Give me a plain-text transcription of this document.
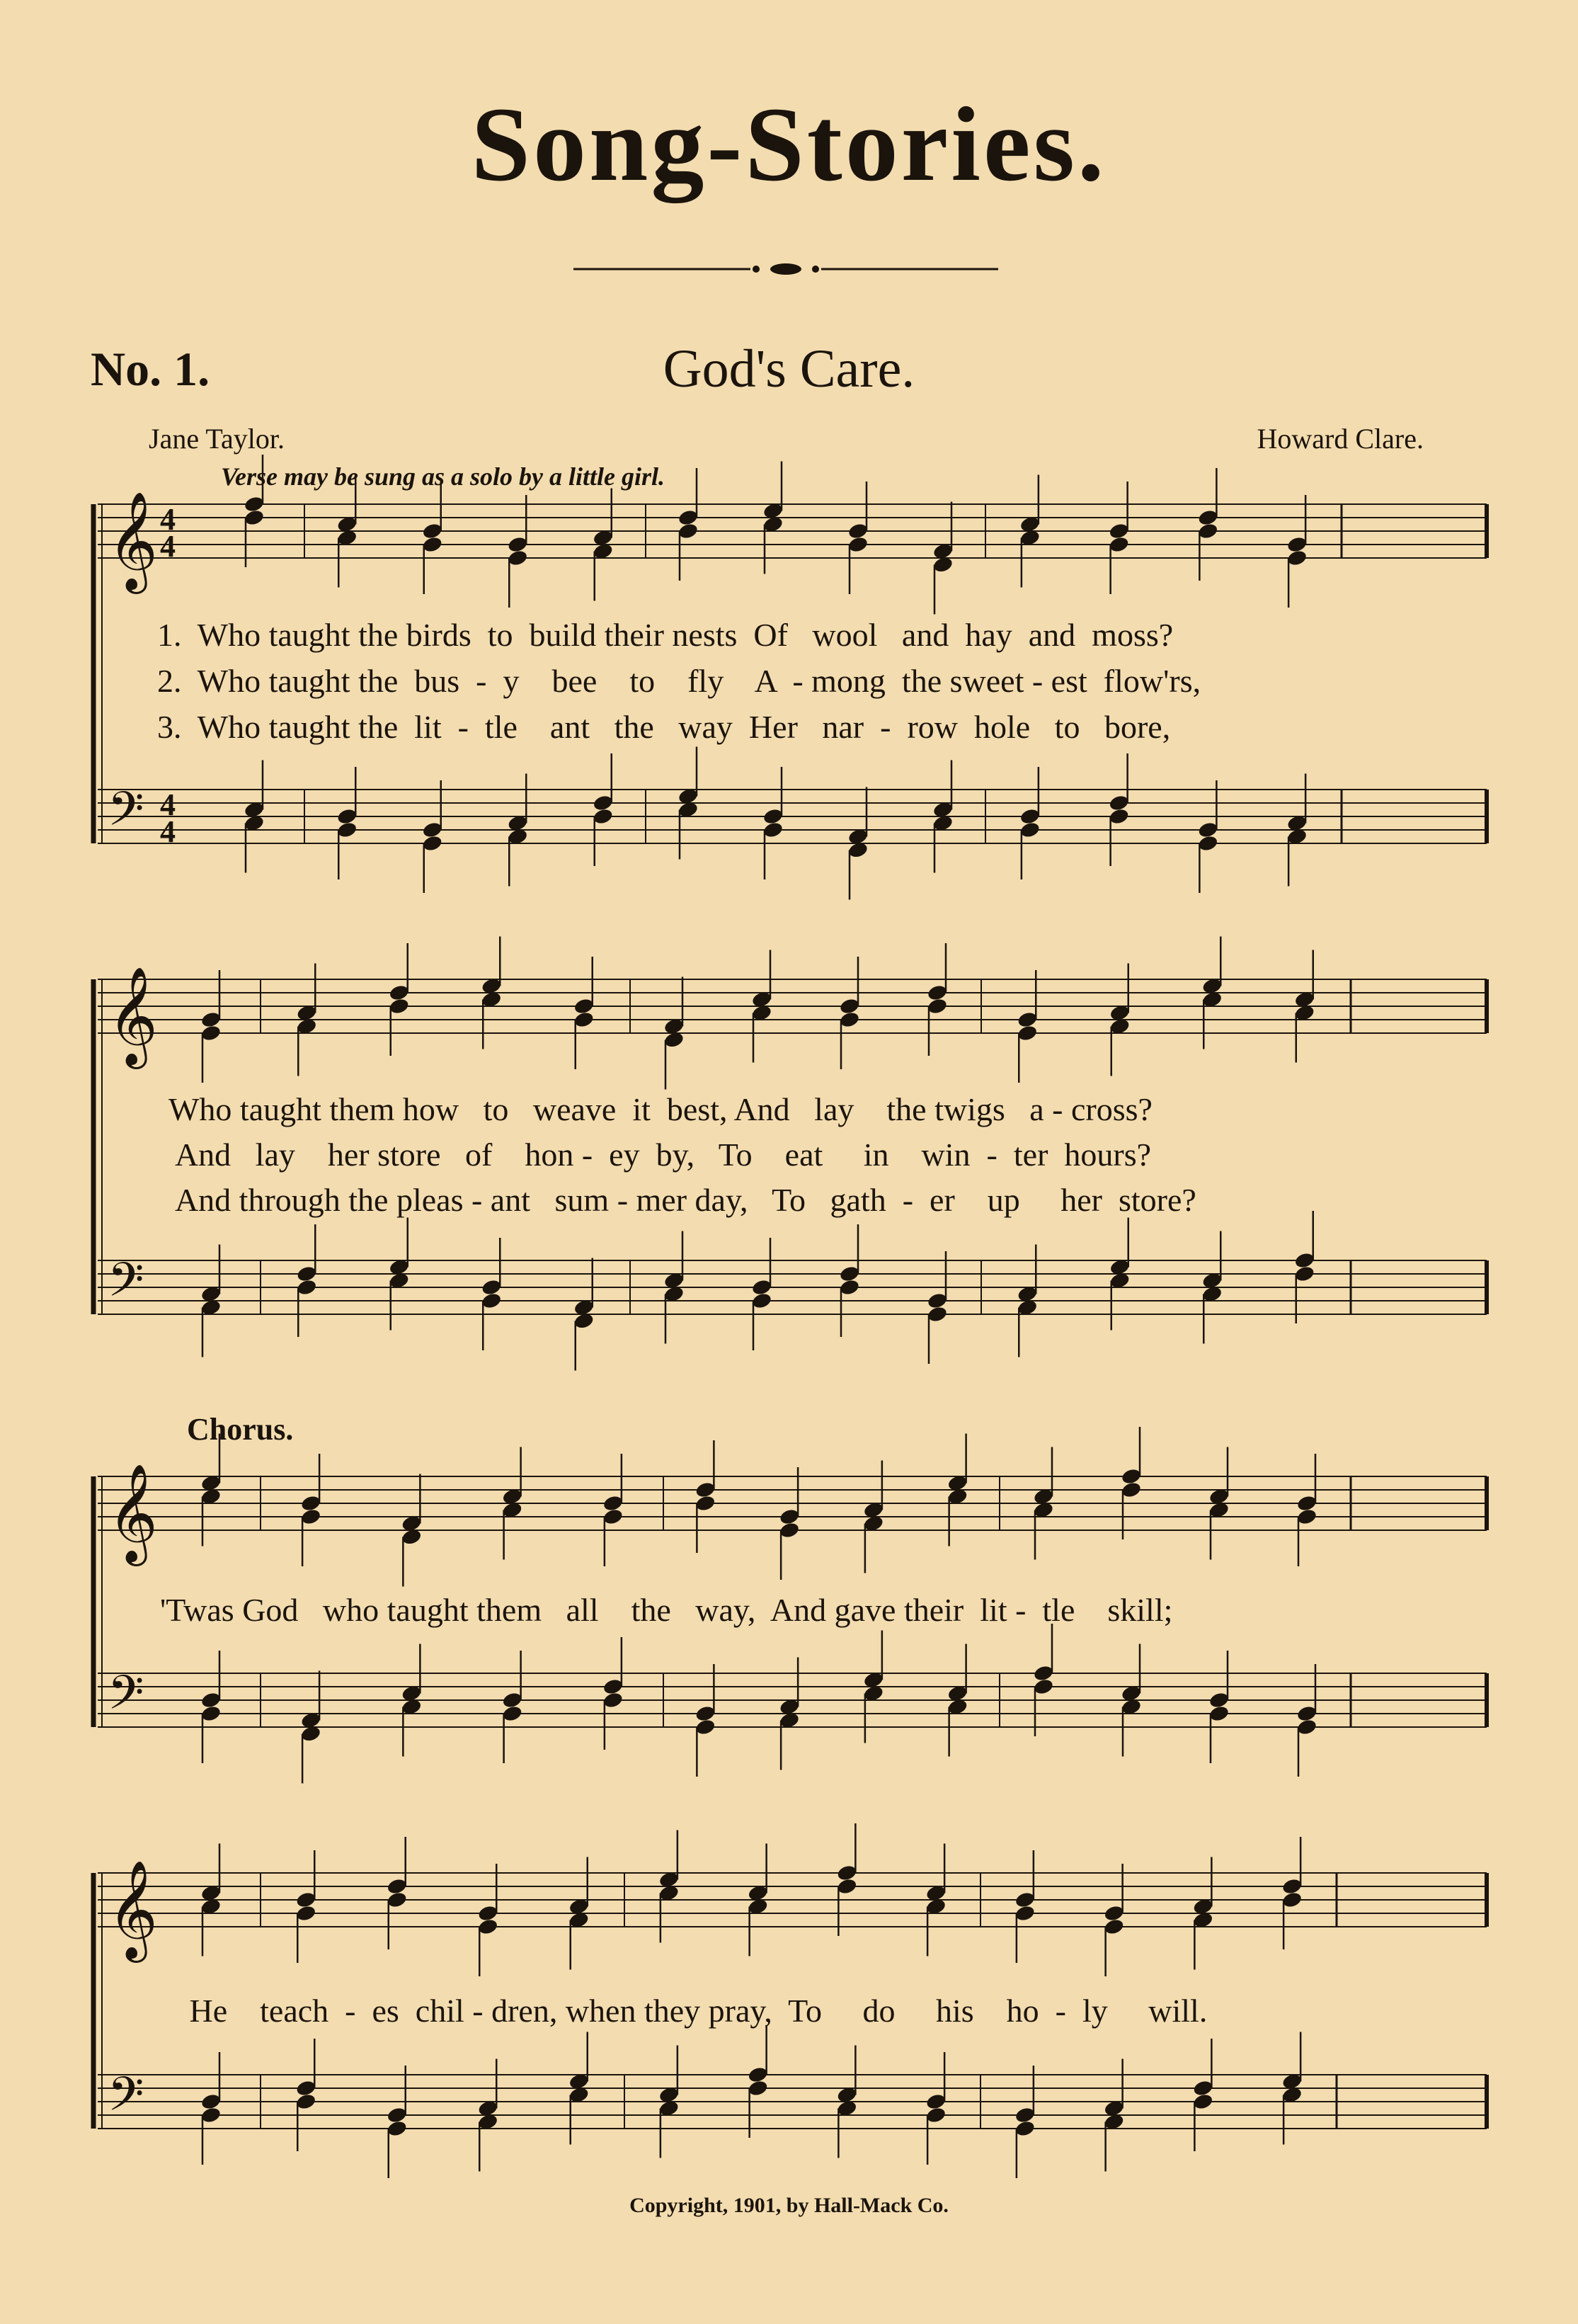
Song-Stories.
No. 1.	God's Care.
Jane Taylor.	Howard Clare.
Verse may be sung as a solo by a little girl.
Chorus.
𝄞 4
4
𝄢 4
4
𝄞
𝄢
𝄞
𝄢
𝄞
𝄢
1.  Who taught the birds  to  build their nests  Of   wool   and  hay  and  moss?
2.  Who taught the  bus  -  y    bee    to    fly    A  - mong  the sweet - est  flow'rs,
3.  Who taught the  lit  -  tle    ant   the   way  Her   nar  -  row  hole   to   bore,
Who taught them how   to   weave  it  best, And   lay    the twigs   a - cross?
And   lay    her store   of    hon -  ey  by,   To    eat     in    win  -  ter  hours?
And through the pleas - ant   sum - mer day,   To   gath  -  er    up     her  store?
'Twas God   who taught them   all    the   way,  And gave their  lit -  tle    skill;
He    teach  -  es  chil - dren, when they pray,  To     do     his    ho  -  ly     will.
Copyright, 1901, by Hall-Mack Co.
